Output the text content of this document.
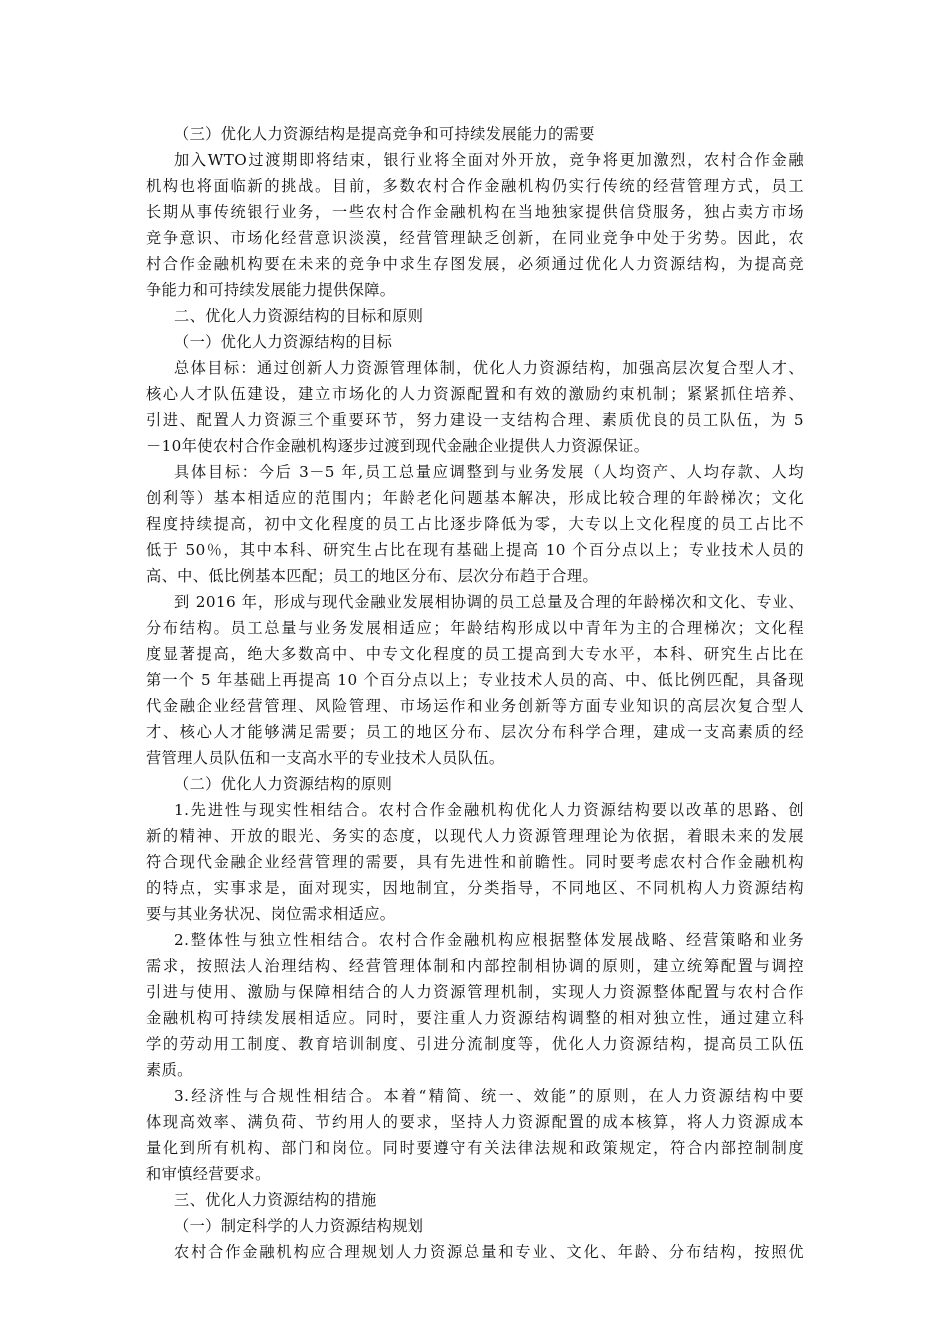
（三）优化人力资源结构是提高竞争和可持续发展能力的需要
加入WTO过渡期即将结束，银行业将全面对外开放，竞争将更加激烈，农村合作金融
机构也将面临新的挑战。目前，多数农村合作金融机构仍实行传统的经营管理方式，员工
长期从事传统银行业务，一些农村合作金融机构在当地独家提供信贷服务，独占卖方市场
竞争意识、市场化经营意识淡漠，经营管理缺乏创新，在同业竞争中处于劣势。因此，农
村合作金融机构要在未来的竞争中求生存图发展，必须通过优化人力资源结构，为提高竞
争能力和可持续发展能力提供保障。
二、优化人力资源结构的目标和原则
（一）优化人力资源结构的目标
总体目标：通过创新人力资源管理体制，优化人力资源结构，加强高层次复合型人才、
核心人才队伍建设，建立市场化的人力资源配置和有效的激励约束机制；紧紧抓住培养、
引进、配置人力资源三个重要环节，努力建设一支结构合理、素质优良的员工队伍，为 5
－10年使农村合作金融机构逐步过渡到现代金融企业提供人力资源保证。
具体目标：今后 3－5 年,员工总量应调整到与业务发展（人均资产、人均存款、人均
创利等）基本相适应的范围内；年龄老化问题基本解决，形成比较合理的年龄梯次；文化
程度持续提高，初中文化程度的员工占比逐步降低为零，大专以上文化程度的员工占比不
低于 50％，其中本科、研究生占比在现有基础上提高 10 个百分点以上；专业技术人员的
高、中、低比例基本匹配；员工的地区分布、层次分布趋于合理。
到 2016 年，形成与现代金融业发展相协调的员工总量及合理的年龄梯次和文化、专业、
分布结构。员工总量与业务发展相适应；年龄结构形成以中青年为主的合理梯次；文化程
度显著提高，绝大多数高中、中专文化程度的员工提高到大专水平，本科、研究生占比在
第一个 5 年基础上再提高 10 个百分点以上；专业技术人员的高、中、低比例匹配，具备现
代金融企业经营管理、风险管理、市场运作和业务创新等方面专业知识的高层次复合型人
才、核心人才能够满足需要；员工的地区分布、层次分布科学合理，建成一支高素质的经
营管理人员队伍和一支高水平的专业技术人员队伍。
（二）优化人力资源结构的原则
1.先进性与现实性相结合。农村合作金融机构优化人力资源结构要以改革的思路、创
新的精神、开放的眼光、务实的态度，以现代人力资源管理理论为依据，着眼未来的发展
符合现代金融企业经营管理的需要，具有先进性和前瞻性。同时要考虑农村合作金融机构
的特点，实事求是，面对现实，因地制宜，分类指导，不同地区、不同机构人力资源结构
要与其业务状况、岗位需求相适应。
2.整体性与独立性相结合。农村合作金融机构应根据整体发展战略、经营策略和业务
需求，按照法人治理结构、经营管理体制和内部控制相协调的原则，建立统筹配置与调控
引进与使用、激励与保障相结合的人力资源管理机制，实现人力资源整体配置与农村合作
金融机构可持续发展相适应。同时，要注重人力资源结构调整的相对独立性，通过建立科
学的劳动用工制度、教育培训制度、引进分流制度等，优化人力资源结构，提高员工队伍
素质。
3.经济性与合规性相结合。本着“精简、统一、效能”的原则，在人力资源结构中要
体现高效率、满负荷、节约用人的要求，坚持人力资源配置的成本核算，将人力资源成本
量化到所有机构、部门和岗位。同时要遵守有关法律法规和政策规定，符合内部控制制度
和审慎经营要求。
三、优化人力资源结构的措施
（一）制定科学的人力资源结构规划
农村合作金融机构应合理规划人力资源总量和专业、文化、年龄、分布结构，按照优
